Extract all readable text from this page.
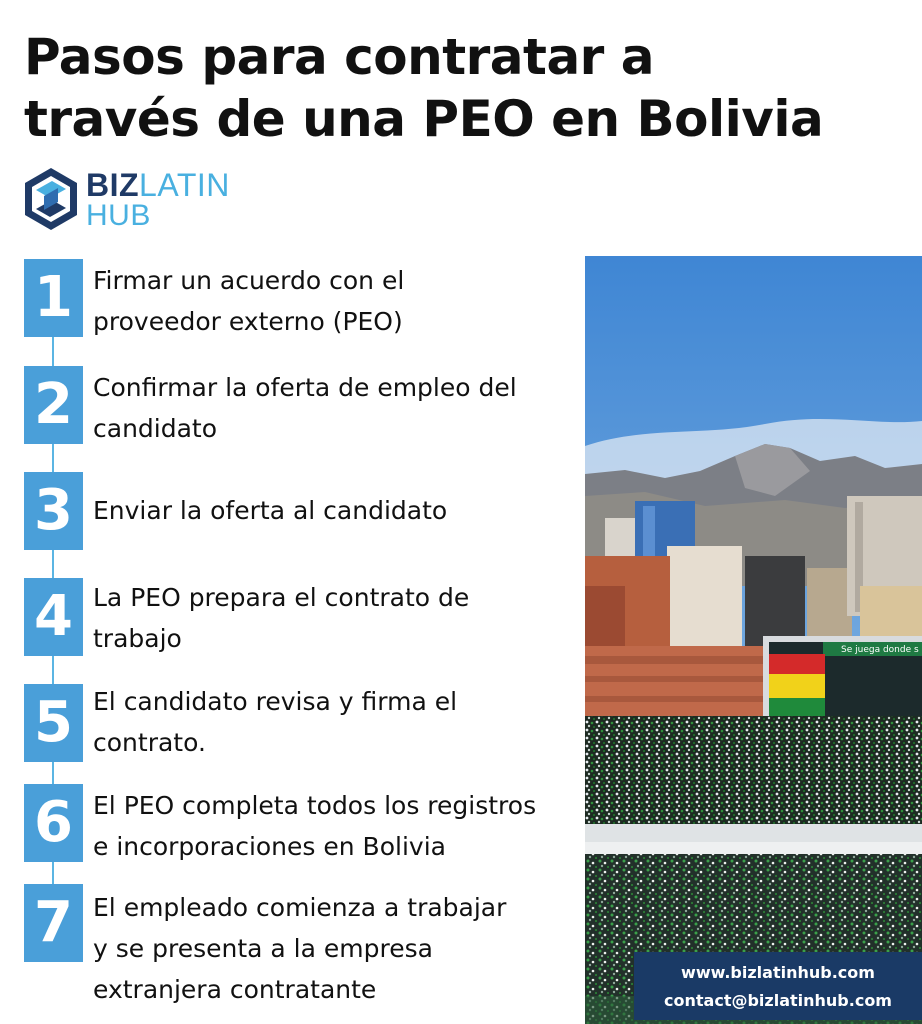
Pasos para contratar a
través de una PEO en Bolivia
BIZLATIN
HUB
1 Firmar un acuerdo con el
proveedor externo (PEO)
2 Confirmar la oferta de empleo del
candidato
3 Enviar la oferta al candidato
4 La PEO prepara el contrato de
trabajo
5 El candidato revisa y firma el
contrato.
6 El PEO completa todos los registros
e incorporaciones en Bolivia
7 El empleado comienza a trabajar
y se presenta a la empresa
extranjera contratante
Se juega donde s
www.bizlatinhub.com
contact@bizlatinhub.com
